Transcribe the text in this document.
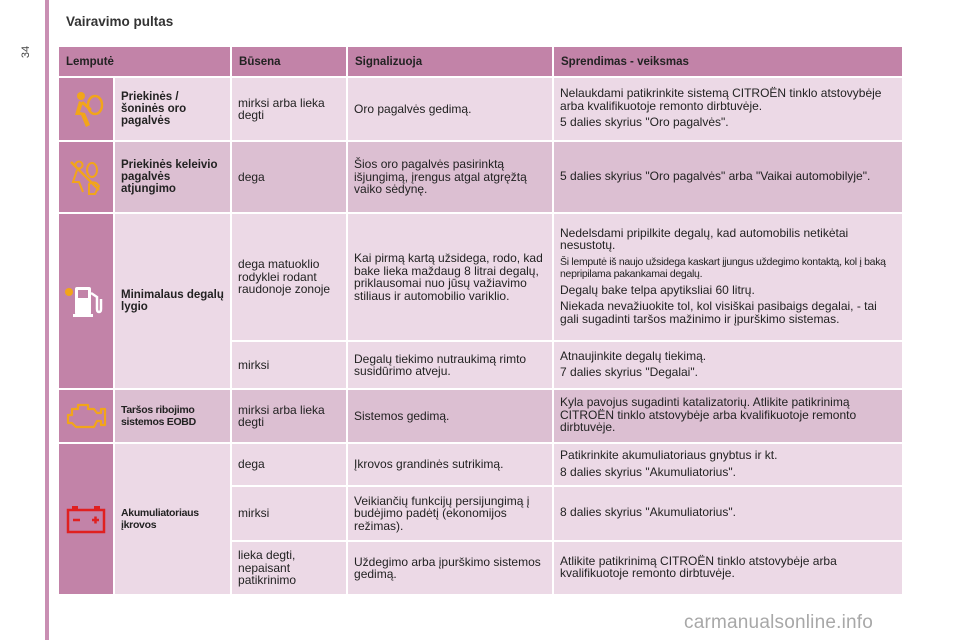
34
Vairavimo pultas
Lemputė		Būsena	Signalizuoja	Sprendimas - veiksmas

	Priekinės / šoninės oro pagalvės	mirksi arba lieka degti	Oro pagalvės gedimą.	Nelaukdami patikrinkite sistemą CITROËN tinklo atstovybėje arba kvalifikuotoje remonto dirbtuvėje.

5 dalies skyrius "Oro pagalvės".

	Priekinės keleivio pagalvės atjungimo	dega	Šios oro pagalvės pasirinktą išjungimą, įrengus atgal atgręžtą vaiko sėdynę.	5 dalies skyrius "Oro pagalvės" arba "Vaikai automobilyje".

	Minimalaus degalų lygio	dega matuoklio rodyklei rodant raudonoje zonoje	Kai pirmą kartą užsidega, rodo, kad bake lieka maždaug 8 litrai degalų, priklausomai nuo jūsų važiavimo stiliaus ir automobilio variklio.	Nedelsdami pripilkite degalų, kad automobilis netikėtai nesustotų.

Ši lemputė iš naujo užsidega kaskart įjungus uždegimo kontaktą, kol į baką nepripilama pakankamai degalų.

Degalų bake telpa apytiksliai 60 litrų.

Niekada nevažiuokite tol, kol visiškai pasibaigs degalai, - tai gali sugadinti taršos mažinimo ir įpurškimo sistemas.

		mirksi	Degalų tiekimo nutraukimą rimto susidūrimo atveju.	Atnaujinkite degalų tiekimą.

7 dalies skyrius "Degalai".

	Taršos ribojimo sistemos EOBD	mirksi arba lieka degti	Sistemos gedimą.	Kyla pavojus sugadinti katalizatorių. Atlikite patikrinimą CITROËN tinklo atstovybėje arba kvalifikuotoje remonto dirbtuvėje.

	Akumuliatoriaus įkrovos	dega	Įkrovos grandinės sutrikimą.	Patikrinkite akumuliatoriaus gnybtus ir kt.

8 dalies skyrius "Akumuliatorius".

		mirksi	Veikiančių funkcijų persijungimą į budėjimo padėtį (ekonomijos režimas).	8 dalies skyrius "Akumuliatorius".

		lieka degti, nepaisant patikrinimo	Uždegimo arba įpurškimo sistemos gedimą.	Atlikite patikrinimą CITROËN tinklo atstovybėje arba kvalifikuotoje remonto dirbtuvėje.

carmanualsonline.info
